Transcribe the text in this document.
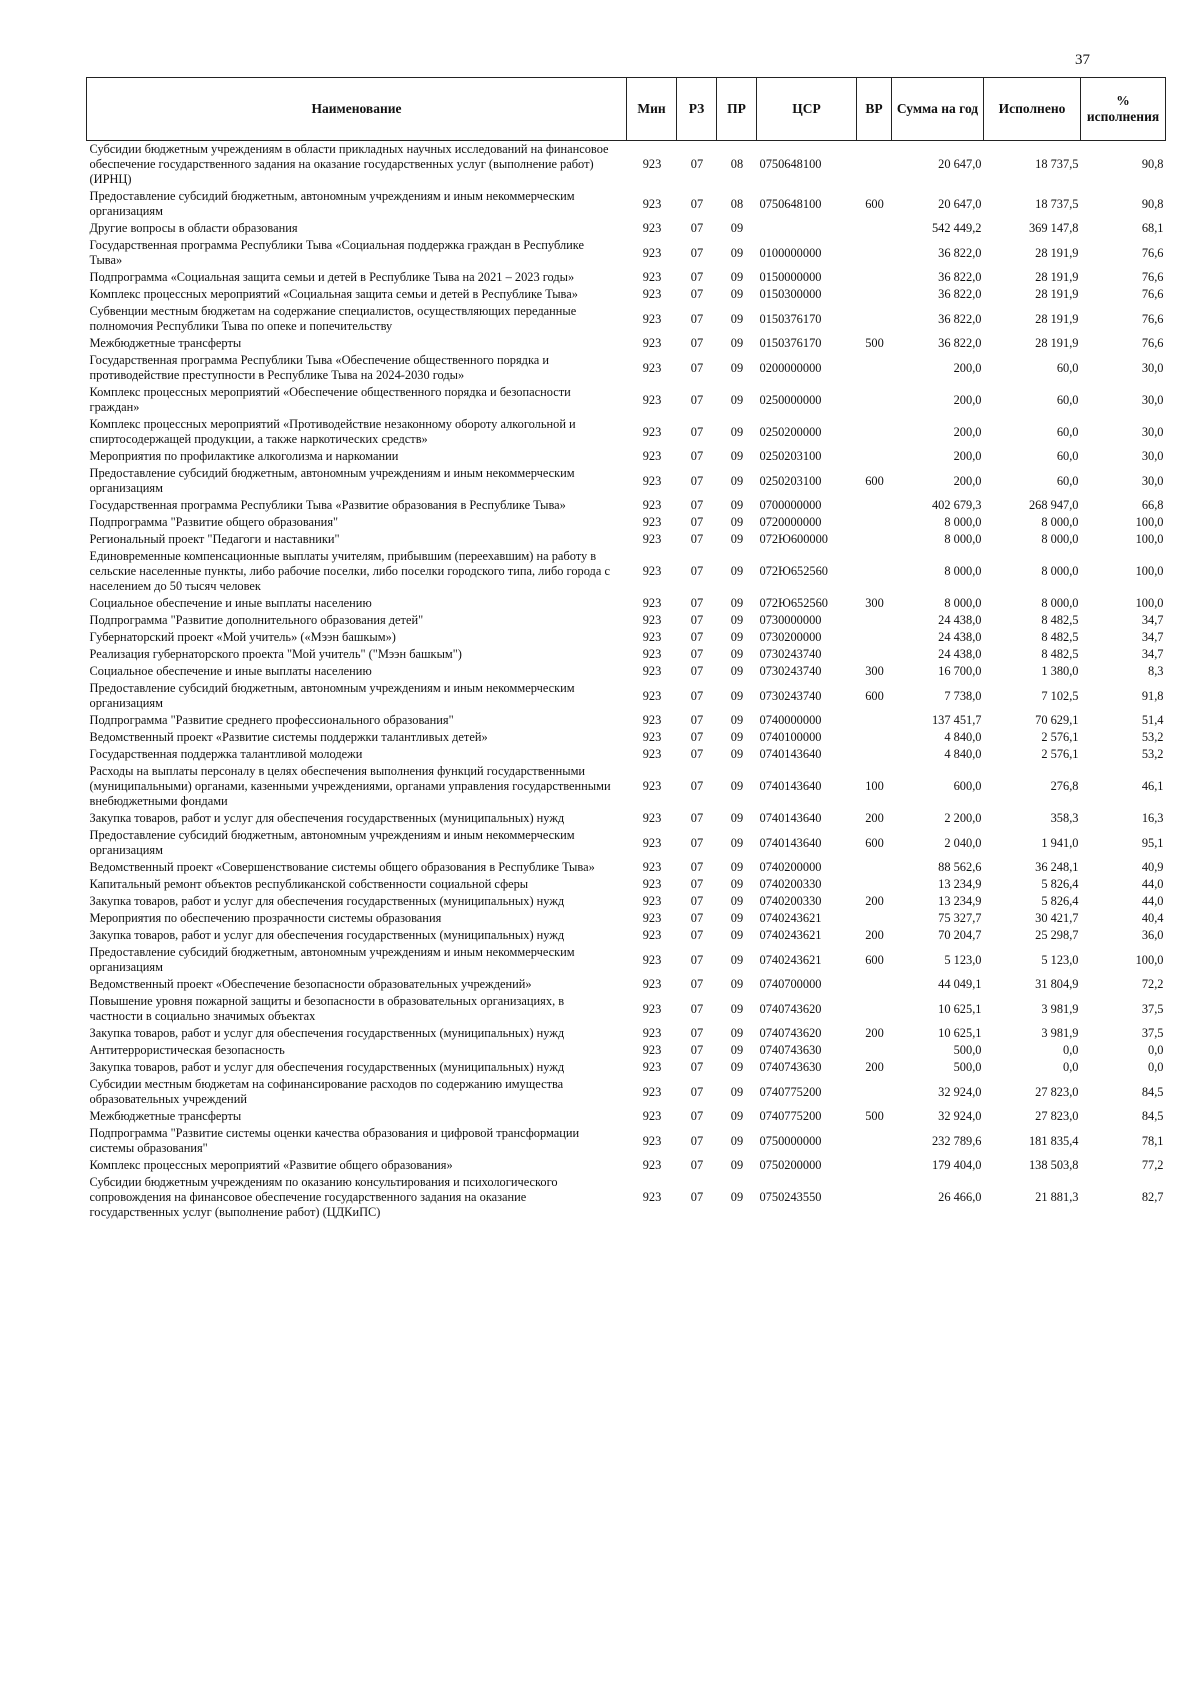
37
Наименование	Мин	РЗ	ПР	ЦСР	ВР	Сумма на год	Исполнено	% исполнения
Субсидии бюджетным учреждениям в области прикладных научных исследований на финансовое обеспечение государственного задания на оказание государственных услуг (выполнение работ) (ИРНЦ)	923	07	08	0750648100		20 647,0	18 737,5	90,8
Предоставление субсидий бюджетным, автономным учреждениям и иным некоммерческим организациям	923	07	08	0750648100	600	20 647,0	18 737,5	90,8
Другие вопросы в области образования	923	07	09			542 449,2	369 147,8	68,1
Государственная программа Республики Тыва «Социальная поддержка граждан в Республике Тыва»	923	07	09	0100000000		36 822,0	28 191,9	76,6
Подпрограмма «Социальная защита семьи и детей в Республике Тыва на 2021 – 2023 годы»	923	07	09	0150000000		36 822,0	28 191,9	76,6
Комплекс процессных мероприятий «Социальная защита семьи и детей в Республике Тыва»	923	07	09	0150300000		36 822,0	28 191,9	76,6
Субвенции местным бюджетам на содержание специалистов, осуществляющих переданные полномочия Республики Тыва по опеке и попечительству	923	07	09	0150376170		36 822,0	28 191,9	76,6
Межбюджетные трансферты	923	07	09	0150376170	500	36 822,0	28 191,9	76,6
Государственная программа Республики Тыва «Обеспечение общественного порядка и противодействие преступности в Республике Тыва на 2024-2030 годы»	923	07	09	0200000000		200,0	60,0	30,0
Комплекс процессных мероприятий «Обеспечение общественного порядка и безопасности граждан»	923	07	09	0250000000		200,0	60,0	30,0
Комплекс процессных мероприятий «Противодействие незаконному обороту алкогольной и спиртосодержащей продукции, а также наркотических средств»	923	07	09	0250200000		200,0	60,0	30,0
Мероприятия по профилактике алкоголизма и наркомании	923	07	09	0250203100		200,0	60,0	30,0
Предоставление субсидий бюджетным, автономным учреждениям и иным некоммерческим организациям	923	07	09	0250203100	600	200,0	60,0	30,0
Государственная программа Республики Тыва «Развитие образования в Республике Тыва»	923	07	09	0700000000		402 679,3	268 947,0	66,8
Подпрограмма "Развитие общего образования"	923	07	09	0720000000		8 000,0	8 000,0	100,0
Региональный проект "Педагоги и наставники"	923	07	09	072Ю600000		8 000,0	8 000,0	100,0
Единовременные компенсационные выплаты учителям, прибывшим (переехавшим) на работу в сельские населенные пункты, либо рабочие поселки, либо поселки городского типа, либо города с населением до 50 тысяч человек	923	07	09	072Ю652560		8 000,0	8 000,0	100,0
Социальное обеспечение и иные выплаты населению	923	07	09	072Ю652560	300	8 000,0	8 000,0	100,0
Подпрограмма "Развитие дополнительного образования детей"	923	07	09	0730000000		24 438,0	8 482,5	34,7
Губернаторский проект «Мой учитель» («Мээн башкым»)	923	07	09	0730200000		24 438,0	8 482,5	34,7
Реализация губернаторского проекта "Мой учитель" ("Мээн башкым")	923	07	09	0730243740		24 438,0	8 482,5	34,7
Социальное обеспечение и иные выплаты населению	923	07	09	0730243740	300	16 700,0	1 380,0	8,3
Предоставление субсидий бюджетным, автономным учреждениям и иным некоммерческим организациям	923	07	09	0730243740	600	7 738,0	7 102,5	91,8
Подпрограмма "Развитие среднего профессионального образования"	923	07	09	0740000000		137 451,7	70 629,1	51,4
Ведомственный проект «Развитие системы поддержки талантливых детей»	923	07	09	0740100000		4 840,0	2 576,1	53,2
Государственная поддержка талантливой молодежи	923	07	09	0740143640		4 840,0	2 576,1	53,2
Расходы на выплаты персоналу в целях обеспечения выполнения функций государственными (муниципальными) органами, казенными учреждениями, органами управления государственными внебюджетными фондами	923	07	09	0740143640	100	600,0	276,8	46,1
Закупка товаров, работ и услуг для обеспечения государственных (муниципальных) нужд	923	07	09	0740143640	200	2 200,0	358,3	16,3
Предоставление субсидий бюджетным, автономным учреждениям и иным некоммерческим организациям	923	07	09	0740143640	600	2 040,0	1 941,0	95,1
Ведомственный проект «Совершенствование системы общего образования в Республике Тыва»	923	07	09	0740200000		88 562,6	36 248,1	40,9
Капитальный ремонт объектов республиканской собственности социальной сферы	923	07	09	0740200330		13 234,9	5 826,4	44,0
Закупка товаров, работ и услуг для обеспечения государственных (муниципальных) нужд	923	07	09	0740200330	200	13 234,9	5 826,4	44,0
Мероприятия по обеспечению прозрачности системы образования	923	07	09	0740243621		75 327,7	30 421,7	40,4
Закупка товаров, работ и услуг для обеспечения государственных (муниципальных) нужд	923	07	09	0740243621	200	70 204,7	25 298,7	36,0
Предоставление субсидий бюджетным, автономным учреждениям и иным некоммерческим организациям	923	07	09	0740243621	600	5 123,0	5 123,0	100,0
Ведомственный проект «Обеспечение безопасности образовательных учреждений»	923	07	09	0740700000		44 049,1	31 804,9	72,2
Повышение уровня пожарной защиты и безопасности в образовательных организациях, в частности в социально значимых объектах	923	07	09	0740743620		10 625,1	3 981,9	37,5
Закупка товаров, работ и услуг для обеспечения государственных (муниципальных) нужд	923	07	09	0740743620	200	10 625,1	3 981,9	37,5
Антитеррористическая безопасность	923	07	09	0740743630		500,0	0,0	0,0
Закупка товаров, работ и услуг для обеспечения государственных (муниципальных) нужд	923	07	09	0740743630	200	500,0	0,0	0,0
Субсидии местным бюджетам на софинансирование расходов по содержанию имущества образовательных учреждений	923	07	09	0740775200		32 924,0	27 823,0	84,5
Межбюджетные трансферты	923	07	09	0740775200	500	32 924,0	27 823,0	84,5
Подпрограмма "Развитие системы оценки качества образования и цифровой трансформации системы образования"	923	07	09	0750000000		232 789,6	181 835,4	78,1
Комплекс процессных мероприятий «Развитие общего образования»	923	07	09	0750200000		179 404,0	138 503,8	77,2
Субсидии бюджетным учреждениям по оказанию консультирования и психологического сопровождения на финансовое обеспечение государственного задания на оказание государственных услуг (выполнение работ) (ЦДКиПС)	923	07	09	0750243550		26 466,0	21 881,3	82,7
